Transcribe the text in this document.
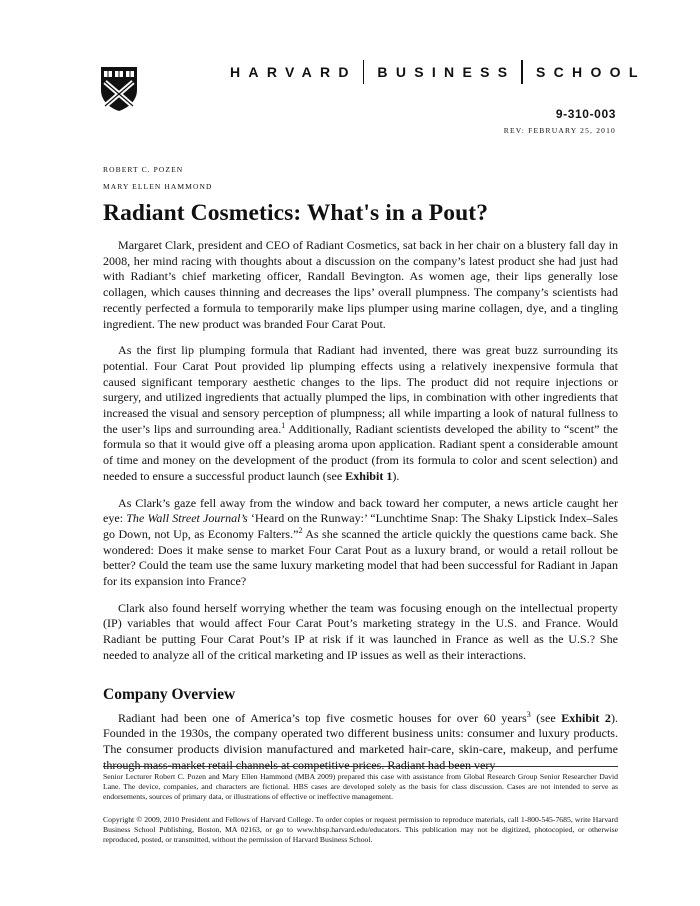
HARVARD BUSINESS SCHOOL
9-310-003
REV: FEBRUARY 25, 2010
ROBERT C. POZEN
MARY ELLEN HAMMOND
Radiant Cosmetics: What's in a Pout?

Margaret Clark, president and CEO of Radiant Cosmetics, sat back in her chair on a blustery fall day in 2008, her mind racing with thoughts about a discussion on the company’s latest product she had just had with Radiant’s chief marketing officer, Randall Bevington. As women age, their lips generally lose collagen, which causes thinning and decreases the lips’ overall plumpness. The company’s scientists had recently perfected a formula to temporarily make lips plumper using marine collagen, dye, and a tingling ingredient. The new product was branded Four Carat Pout.

As the first lip plumping formula that Radiant had invented, there was great buzz surrounding its potential. Four Carat Pout provided lip plumping effects using a relatively inexpensive formula that caused significant temporary aesthetic changes to the lips. The product did not require injections or surgery, and utilized ingredients that actually plumped the lips, in combination with other ingredients that increased the visual and sensory perception of plumpness; all while imparting a look of natural fullness to the user’s lips and surrounding area.$^1$ Additionally, Radiant scientists developed the ability to “scent” the formula so that it would give off a pleasing aroma upon application. Radiant spent a considerable amount of time and money on the development of the product (from its formula to color and scent selection) and needed to ensure a successful product launch (see Exhibit 1).

As Clark’s gaze fell away from the window and back toward her computer, a news article caught her eye: The Wall Street Journal’s ‘Heard on the Runway:’ “Lunchtime Snap: The Shaky Lipstick Index–Sales go Down, not Up, as Economy Falters.”$^2$ As she scanned the article quickly the questions came back. She wondered: Does it make sense to market Four Carat Pout as a luxury brand, or would a retail rollout be better? Could the team use the same luxury marketing model that had been successful for Radiant in Japan for its expansion into France?

Clark also found herself worrying whether the team was focusing enough on the intellectual property (IP) variables that would affect Four Carat Pout’s marketing strategy in the U.S. and France. Would Radiant be putting Four Carat Pout’s IP at risk if it was launched in France as well as the U.S.? She needed to analyze all of the critical marketing and IP issues as well as their interactions.

Company Overview

Radiant had been one of America’s top five cosmetic houses for over 60 years$^3$ (see Exhibit 2). Founded in the 1930s, the company operated two different business units: consumer and luxury products. The consumer products division manufactured and marketed hair-care, skin-care, makeup, and perfume through mass-market retail channels at competitive prices. Radiant had been very

Senior Lecturer Robert C. Pozen and Mary Ellen Hammond (MBA 2009) prepared this case with assistance from Global Research Group Senior Researcher David Lane. The device, companies, and characters are fictional. HBS cases are developed solely as the basis for class discussion. Cases are not intended to serve as endorsements, sources of primary data, or illustrations of effective or ineffective management.

Copyright © 2009, 2010 President and Fellows of Harvard College. To order copies or request permission to reproduce materials, call 1-800-545-7685, write Harvard Business School Publishing, Boston, MA 02163, or go to www.hbsp.harvard.edu/educators. This publication may not be digitized, photocopied, or otherwise reproduced, posted, or transmitted, without the permission of Harvard Business School.
